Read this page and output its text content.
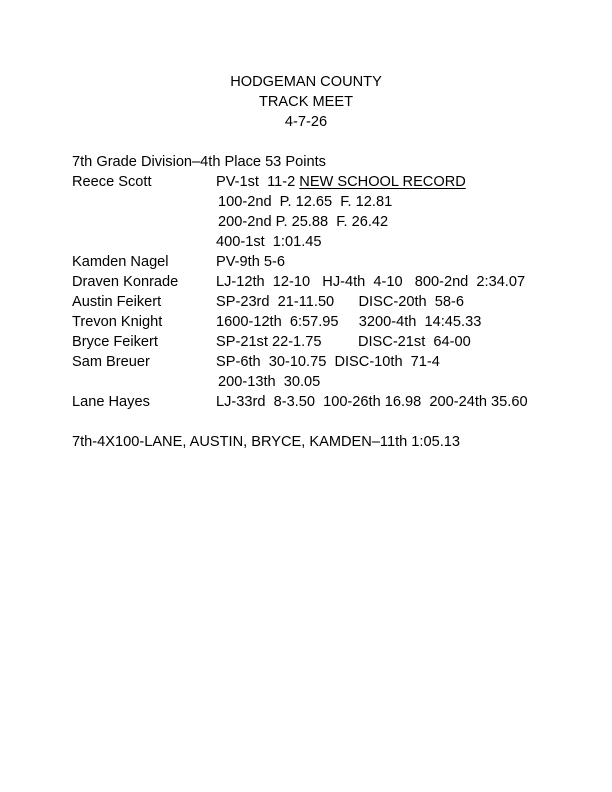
HODGEMAN COUNTY
TRACK MEET
4-7-26
7th Grade Division–4th Place 53 Points
Reece Scott	PV-1st  11-2 NEW SCHOOL RECORD
100-2nd  P. 12.65  F. 12.81
200-2nd P. 25.88  F. 26.42
400-1st  1:01.45
Kamden Nagel	PV-9th 5-6
Draven Konrade	LJ-12th  12-10   HJ-4th  4-10   800-2nd  2:34.07
Austin Feikert	SP-23rd  21-11.50      DISC-20th  58-6
Trevon Knight	1600-12th  6:57.95     3200-4th  14:45.33
Bryce Feikert	SP-21st 22-1.75         DISC-21st  64-00
Sam Breuer	SP-6th  30-10.75  DISC-10th  71-4
200-13th  30.05
Lane Hayes	LJ-33rd  8-3.50  100-26th 16.98  200-24th 35.60
7th-4X100-LANE, AUSTIN, BRYCE, KAMDEN–11th 1:05.13
